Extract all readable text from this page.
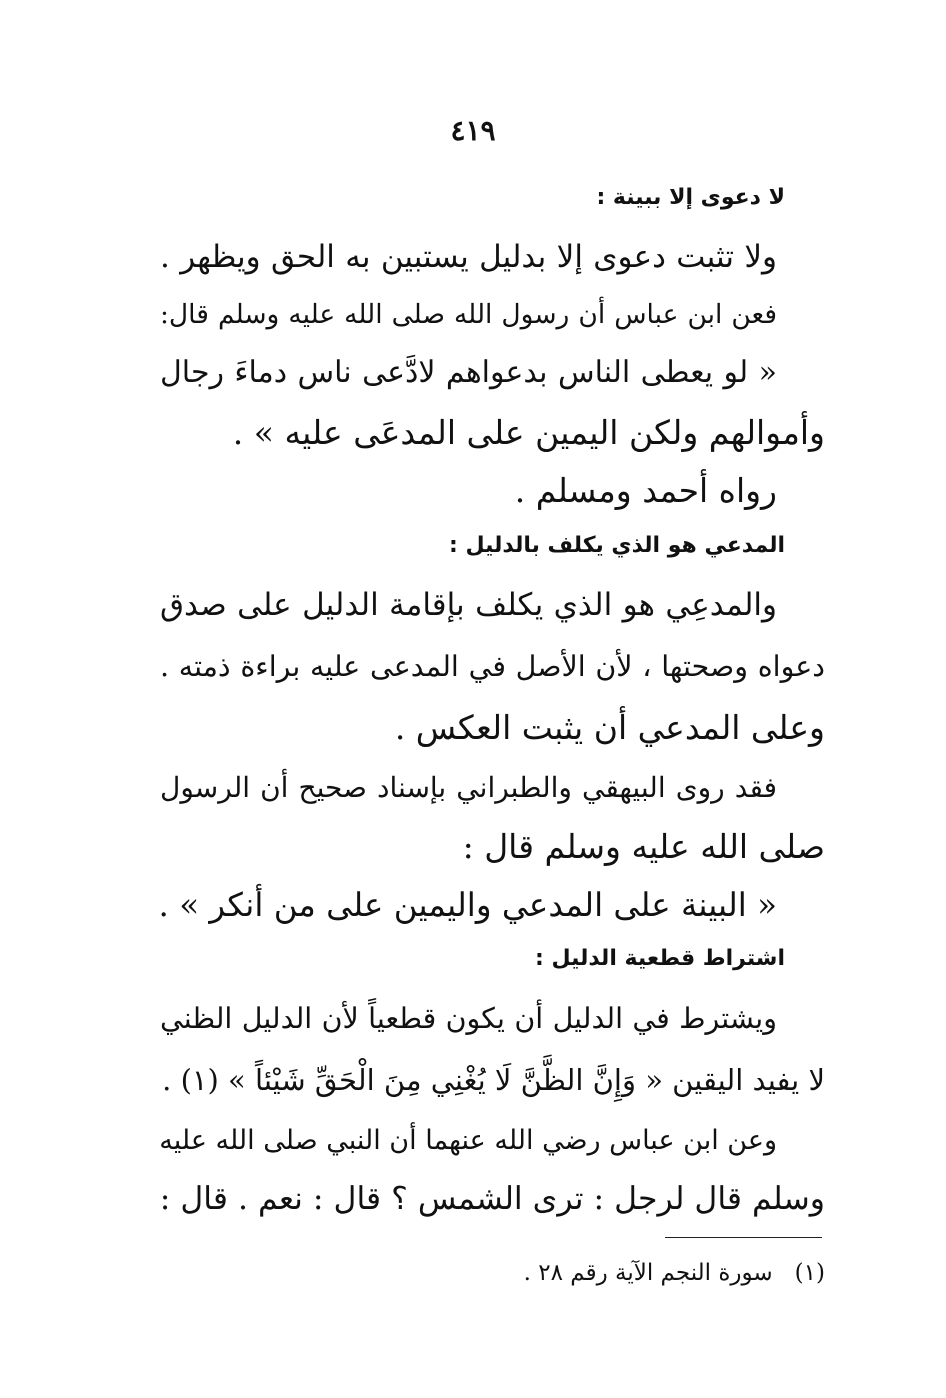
٤١٩
لا دعوى إلا ببينة :
ولا تثبت دعوى إلا بدليل يستبين به الحق ويظهر .
فعن ابن عباس أن رسول الله صلى الله عليه وسلم قال:
« لو يعطى الناس بدعواهم لادَّعى ناس دماءَ رجال
وأموالهم ولكن اليمين على المدعَى عليه » .
رواه أحمد ومسلم .
المدعي هو الذي يكلف بالدليل :
والمدعِي هو الذي يكلف بإقامة الدليل على صدق
دعواه وصحتها ، لأن الأصل في المدعى عليه براءة ذمته .
وعلى المدعي أن يثبت العكس .
فقد روى البيهقي والطبراني بإسناد صحيح أن الرسول
صلى الله عليه وسلم قال :
« البينة على المدعي واليمين على من أنكر » .
اشتراط قطعية الدليل :
ويشترط في الدليل أن يكون قطعياً لأن الدليل الظني
لا يفيد اليقين « وَإِنَّ الظَّنَّ لَا يُغْنِي مِنَ الْحَقِّ شَيْئاً » (١) .
وعن ابن عباس رضي الله عنهما أن النبي صلى الله عليه
وسلم قال لرجل : ترى الشمس ؟ قال : نعم . قال :
(١)سورة النجم الآية رقم ٢٨ .
